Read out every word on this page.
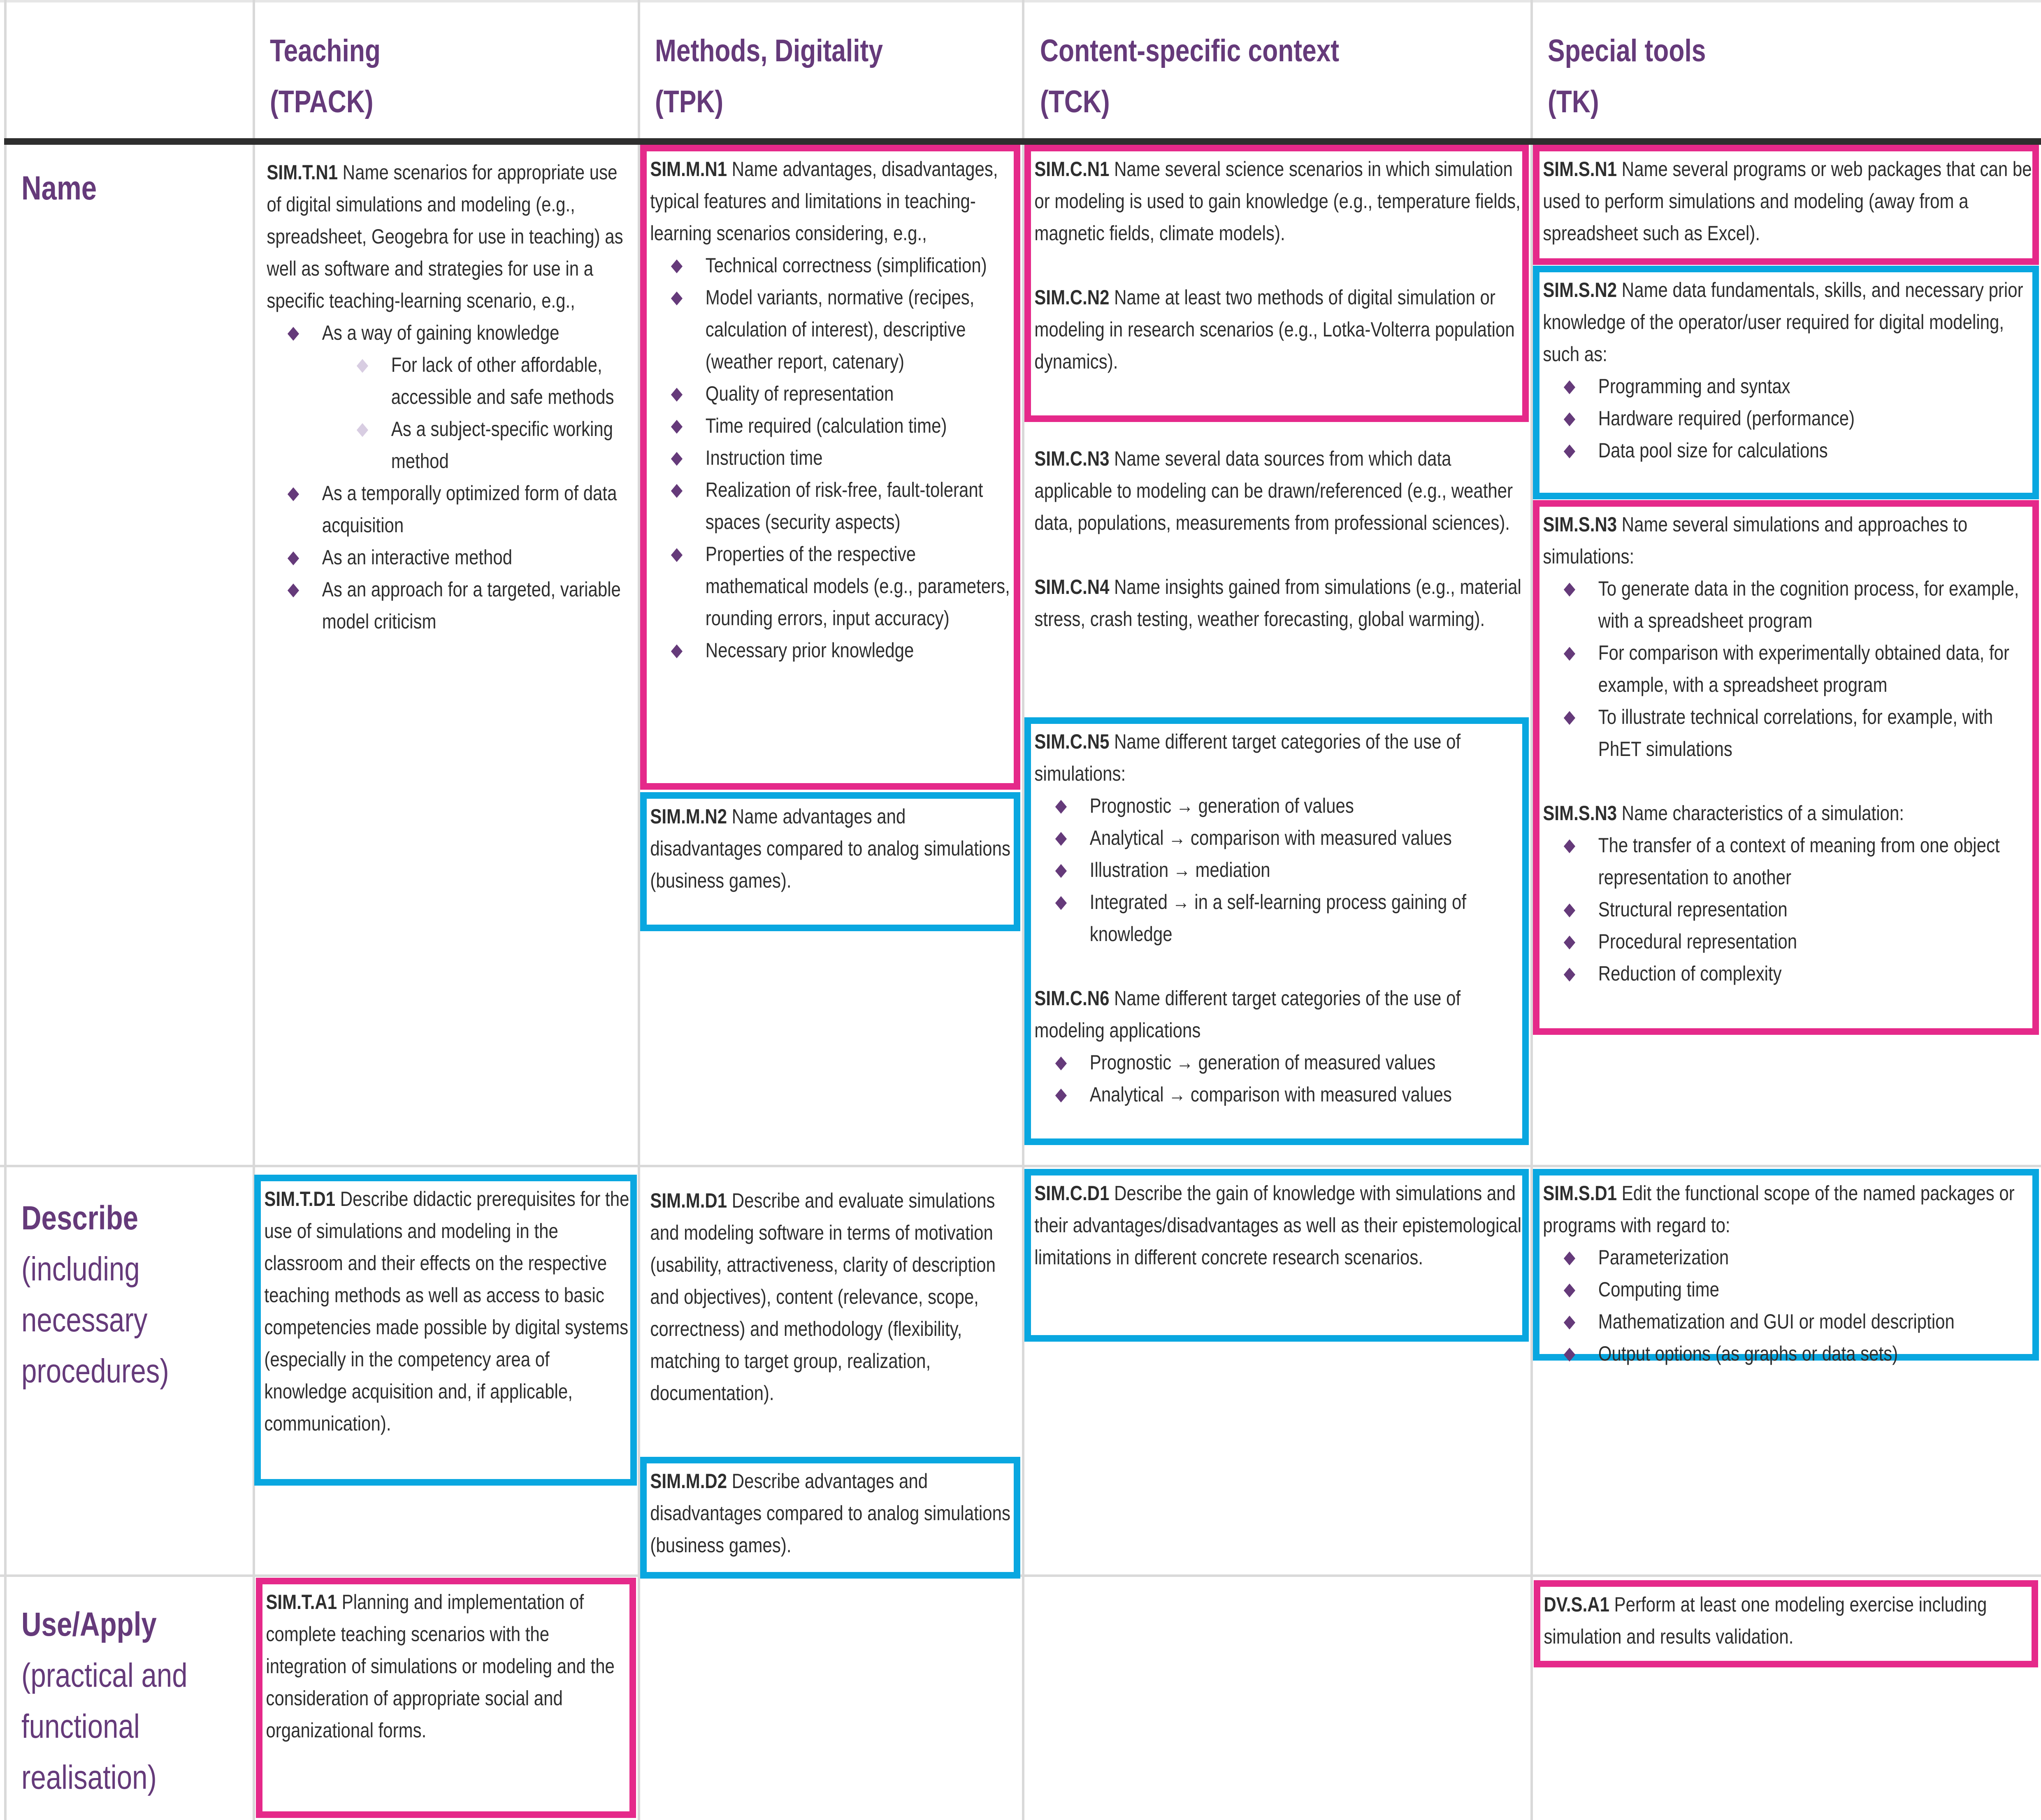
Teaching
(TPACK)
Methods, Digitality
(TPK)
Content-specific context
(TCK)
Special tools
(TK)
Name
Describe
(including
necessary
procedures)
Use/Apply
(practical and
functional
realisation)
SIM.T.N1 Name scenarios for appropriate use of digital simulations and modeling (e.g., spreadsheet, Geogebra for use in teaching) as well as software and strategies for use in a specific teaching-learning scenario, e.g.,
◆ As a way of gaining knowledge
◆ For lack of other affordable, accessible and safe methods
◆ As a subject-specific working method
◆ As a temporally optimized form of data acquisition
◆ As an interactive method
◆ As an approach for a targeted, variable model criticism
SIM.M.N1 Name advantages, disadvantages, typical features and limitations in teaching-learning scenarios considering, e.g.,
◆ Technical correctness (simplification)
◆ Model variants, normative (recipes, calculation of interest), descriptive (weather report, catenary)
◆ Quality of representation
◆ Time required (calculation time)
◆ Instruction time
◆ Realization of risk-free, fault-tolerant spaces (security aspects)
◆ Properties of the respective mathematical models (e.g., parameters, rounding errors, input accuracy)
◆ Necessary prior knowledge
SIM.M.N2 Name advantages and disadvantages compared to analog simulations (business games).
SIM.C.N1 Name several science scenarios in which simulation or modeling is used to gain knowledge (e.g., temperature fields, magnetic fields, climate models).
SIM.C.N2 Name at least two methods of digital simulation or modeling in research scenarios (e.g., Lotka-Volterra population dynamics).
SIM.C.N3 Name several data sources from which data applicable to modeling can be drawn/referenced (e.g., weather data, populations, measurements from professional sciences).
SIM.C.N4 Name insights gained from simulations (e.g., material stress, crash testing, weather forecasting, global warming).
SIM.C.N5 Name different target categories of the use of simulations:
◆ Prognostic → generation of values
◆ Analytical → comparison with measured values
◆ Illustration → mediation
◆ Integrated → in a self-learning process gaining of knowledge
SIM.C.N6 Name different target categories of the use of modeling applications
◆ Prognostic → generation of measured values
◆ Analytical → comparison with measured values
SIM.S.N1 Name several programs or web packages that can be used to perform simulations and modeling (away from a spreadsheet such as Excel).
SIM.S.N2 Name data fundamentals, skills, and necessary prior knowledge of the operator/user required for digital modeling, such as:
◆ Programming and syntax
◆ Hardware required (performance)
◆ Data pool size for calculations
SIM.S.N3 Name several simulations and approaches to simulations:
◆ To generate data in the cognition process, for example, with a spreadsheet program
◆ For comparison with experimentally obtained data, for example, with a spreadsheet program
◆ To illustrate technical correlations, for example, with PhET simulations
SIM.S.N3 Name characteristics of a simulation:
◆ The transfer of a context of meaning from one object representation to another
◆ Structural representation
◆ Procedural representation
◆ Reduction of complexity
SIM.T.D1 Describe didactic prerequisites for the use of simulations and modeling in the classroom and their effects on the respective teaching methods as well as access to basic competencies made possible by digital systems (especially in the competency area of knowledge acquisition and, if applicable, communication).
SIM.M.D1 Describe and evaluate simulations and modeling software in terms of motivation (usability, attractiveness, clarity of description and objectives), content (relevance, scope, correctness) and methodology (flexibility, matching to target group, realization, documentation).
SIM.M.D2 Describe advantages and disadvantages compared to analog simulations (business games).
SIM.C.D1 Describe the gain of knowledge with simulations and their advantages/disadvantages as well as their epistemological limitations in different concrete research scenarios.
SIM.S.D1 Edit the functional scope of the named packages or programs with regard to:
◆ Parameterization
◆ Computing time
◆ Mathematization and GUI or model description
◆ Output options (as graphs or data sets)
SIM.T.A1 Planning and implementation of complete teaching scenarios with the integration of simulations or modeling and the consideration of appropriate social and organizational forms.
DV.S.A1 Perform at least one modeling exercise including simulation and results validation.
